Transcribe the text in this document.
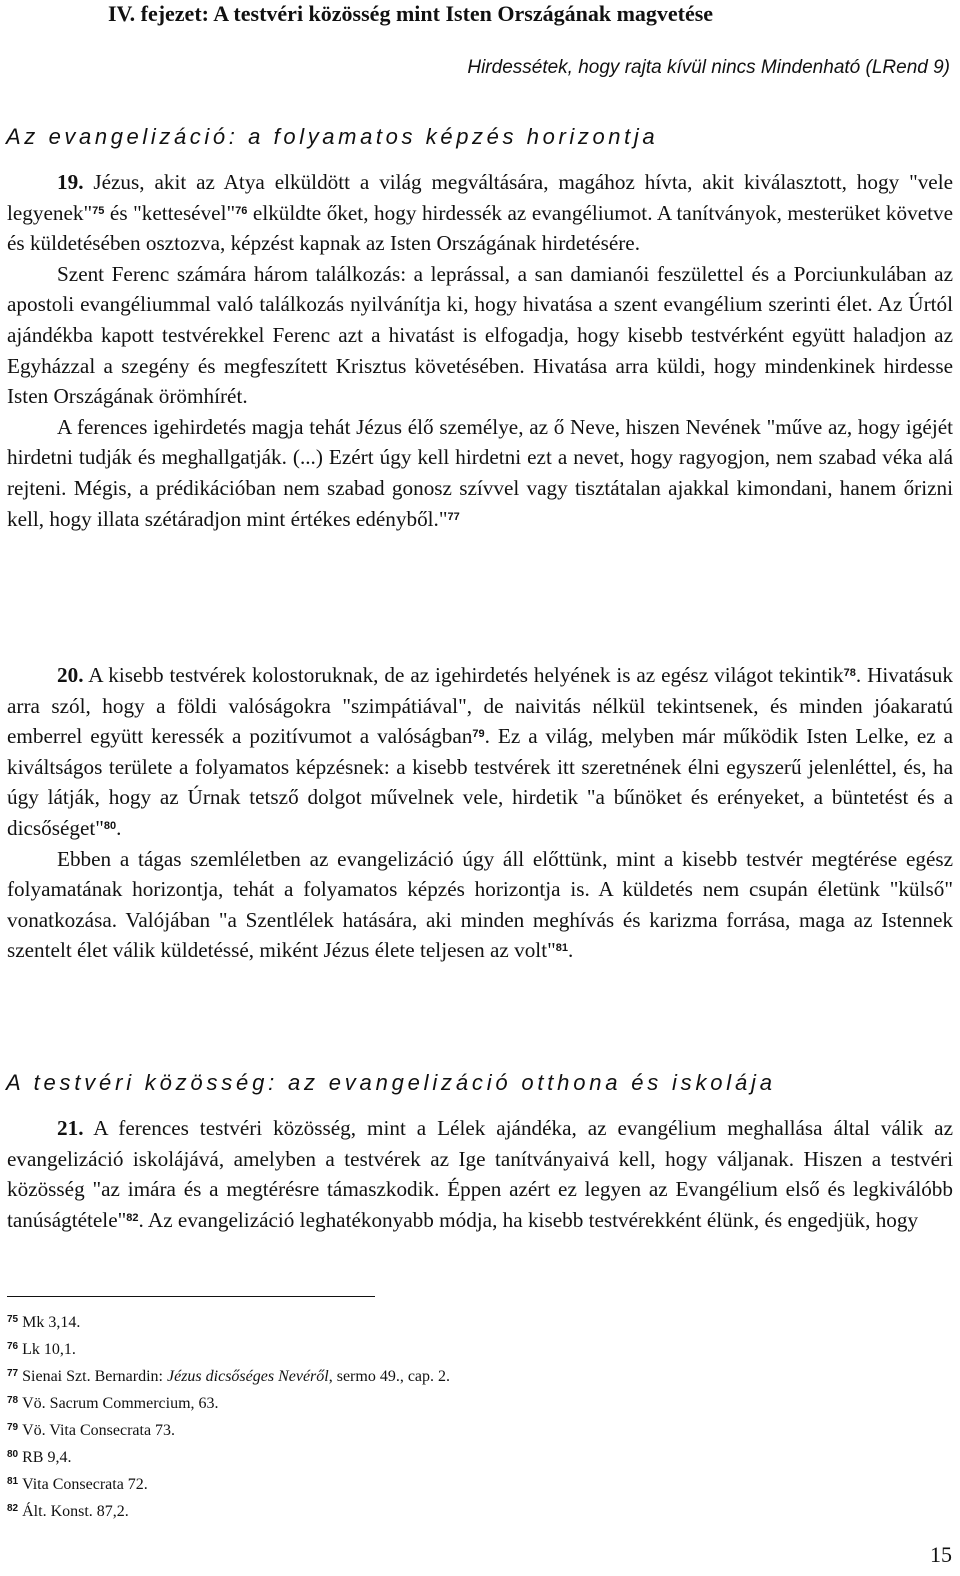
IV. fejezet: A testvéri közösség mint Isten Országának magvetése
Hirdessétek, hogy rajta kívül nincs Mindenható (LRend 9)
Az evangelizáció: a folyamatos képzés horizontja

19. Jézus, akit az Atya elküldött a világ megváltására, magához hívta, akit kiválasztott, hogy "vele legyenek"$^{75}$ és "kettesével"$^{76}$ elküldte őket, hogy hirdessék az evangéliumot. A tanítványok, mesterüket követve és küldetésében osztozva, képzést kapnak az Isten Országának hirdetésére.

Szent Ferenc számára három találkozás: a leprással, a san damianói feszülettel és a Porciunkulában az apostoli evangéliummal való találkozás nyilvánítja ki, hogy hivatása a szent evangélium szerinti élet. Az Úrtól ajándékba kapott testvérekkel Ferenc azt a hivatást is elfogadja, hogy kisebb testvérként együtt haladjon az Egyházzal a szegény és megfeszített Krisztus követésében. Hivatása arra küldi, hogy mindenkinek hirdesse Isten Országának örömhírét.

A ferences igehirdetés magja tehát Jézus élő személye, az ő Neve, hiszen Nevének "műve az, hogy igéjét hirdetni tudják és meghallgatják. (...) Ezért úgy kell hirdetni ezt a nevet, hogy ragyogjon, nem szabad véka alá rejteni. Mégis, a prédikációban nem szabad gonosz szívvel vagy tisztátalan ajakkal kimondani, hanem őrizni kell, hogy illata szétáradjon mint értékes edényből."$^{77}$

20. A kisebb testvérek kolostoruknak, de az igehirdetés helyének is az egész világot tekintik$^{78}$. Hivatásuk arra szól, hogy a földi valóságokra "szimpátiával", de naivitás nélkül tekintsenek, és minden jóakaratú emberrel együtt keressék a pozitívumot a valóságban$^{79}$. Ez a világ, melyben már működik Isten Lelke, ez a kiváltságos területe a folyamatos képzésnek: a kisebb testvérek itt szeretnének élni egyszerű jelenléttel, és, ha úgy látják, hogy az Úrnak tetsző dolgot művelnek vele, hirdetik "a bűnöket és erényeket, a büntetést és a dicsőséget"$^{80}$.

Ebben a tágas szemléletben az evangelizáció úgy áll előttünk, mint a kisebb testvér megtérése egész folyamatának horizontja, tehát a folyamatos képzés horizontja is. A küldetés nem csupán életünk "külső" vonatkozása. Valójában "a Szentlélek hatására, aki minden meghívás és karizma forrása, maga az Istennek szentelt élet válik küldetéssé, miként Jézus élete teljesen az volt"$^{81}$.

A testvéri közösség: az evangelizáció otthona és iskolája

21. A ferences testvéri közösség, mint a Lélek ajándéka, az evangélium meghallása által válik az evangelizáció iskolájává, amelyben a testvérek az Ige tanítványaivá kell, hogy váljanak. Hiszen a testvéri közösség "az imára és a megtérésre támaszkodik. Éppen azért ez legyen az Evangélium első és legkiválóbb tanúságtétele"$^{82}$. Az evangelizáció leghatékonyabb módja, ha kisebb testvérekként élünk, és engedjük, hogy

$^{75}$ Mk 3,14.
$^{76}$ Lk 10,1.
$^{77}$ Sienai Szt. Bernardin: Jézus dicsőséges Nevéről, sermo 49., cap. 2.
$^{78}$ Vö. Sacrum Commercium, 63.
$^{79}$ Vö. Vita Consecrata 73.
$^{80}$ RB 9,4.
$^{81}$ Vita Consecrata 72.
$^{82}$ Ált. Konst. 87,2.
15
